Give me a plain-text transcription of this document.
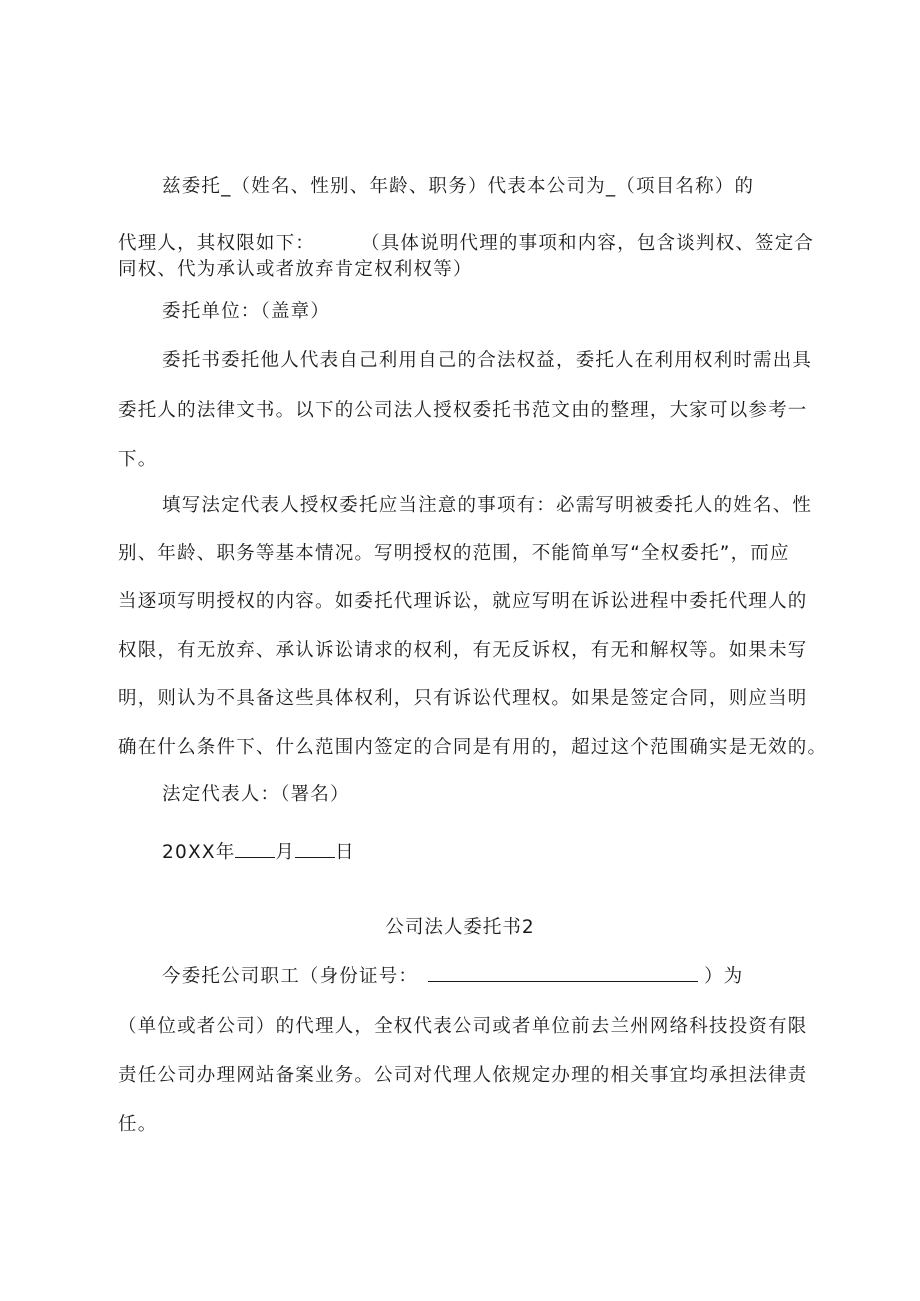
兹委托_（姓名、性别、年龄、职务）代表本公司为_（项目名称）的
代理人，其权限如下： （具体说明代理的事项和内容，包含谈判权、签定合
同权、代为承认或者放弃肯定权利权等）
委托单位：（盖章）
委托书委托他人代表自己利用自己的合法权益，委托人在利用权利时需出具
委托人的法律文书。以下的公司法人授权委托书范文由的整理，大家可以参考一
下。
填写法定代表人授权委托应当注意的事项有：必需写明被委托人的姓名、性
别、年龄、职务等基本情况。写明授权的范围，不能简单写“全权委托”，而应
当逐项写明授权的内容。如委托代理诉讼，就应写明在诉讼进程中委托代理人的
权限，有无放弃、承认诉讼请求的权利，有无反诉权，有无和解权等。如果未写
明，则认为不具备这些具体权利，只有诉讼代理权。如果是签定合同，则应当明
确在什么条件下、什么范围内签定的合同是有用的，超过这个范围确实是无效的。
法定代表人：（署名）
20XX年 月 日
公司法人委托书2
今委托公司职工（身份证号：	）为
（单位或者公司）的代理人，全权代表公司或者单位前去兰州网络科技投资有限
责任公司办理网站备案业务。公司对代理人依规定办理的相关事宜均承担法律责
任。
